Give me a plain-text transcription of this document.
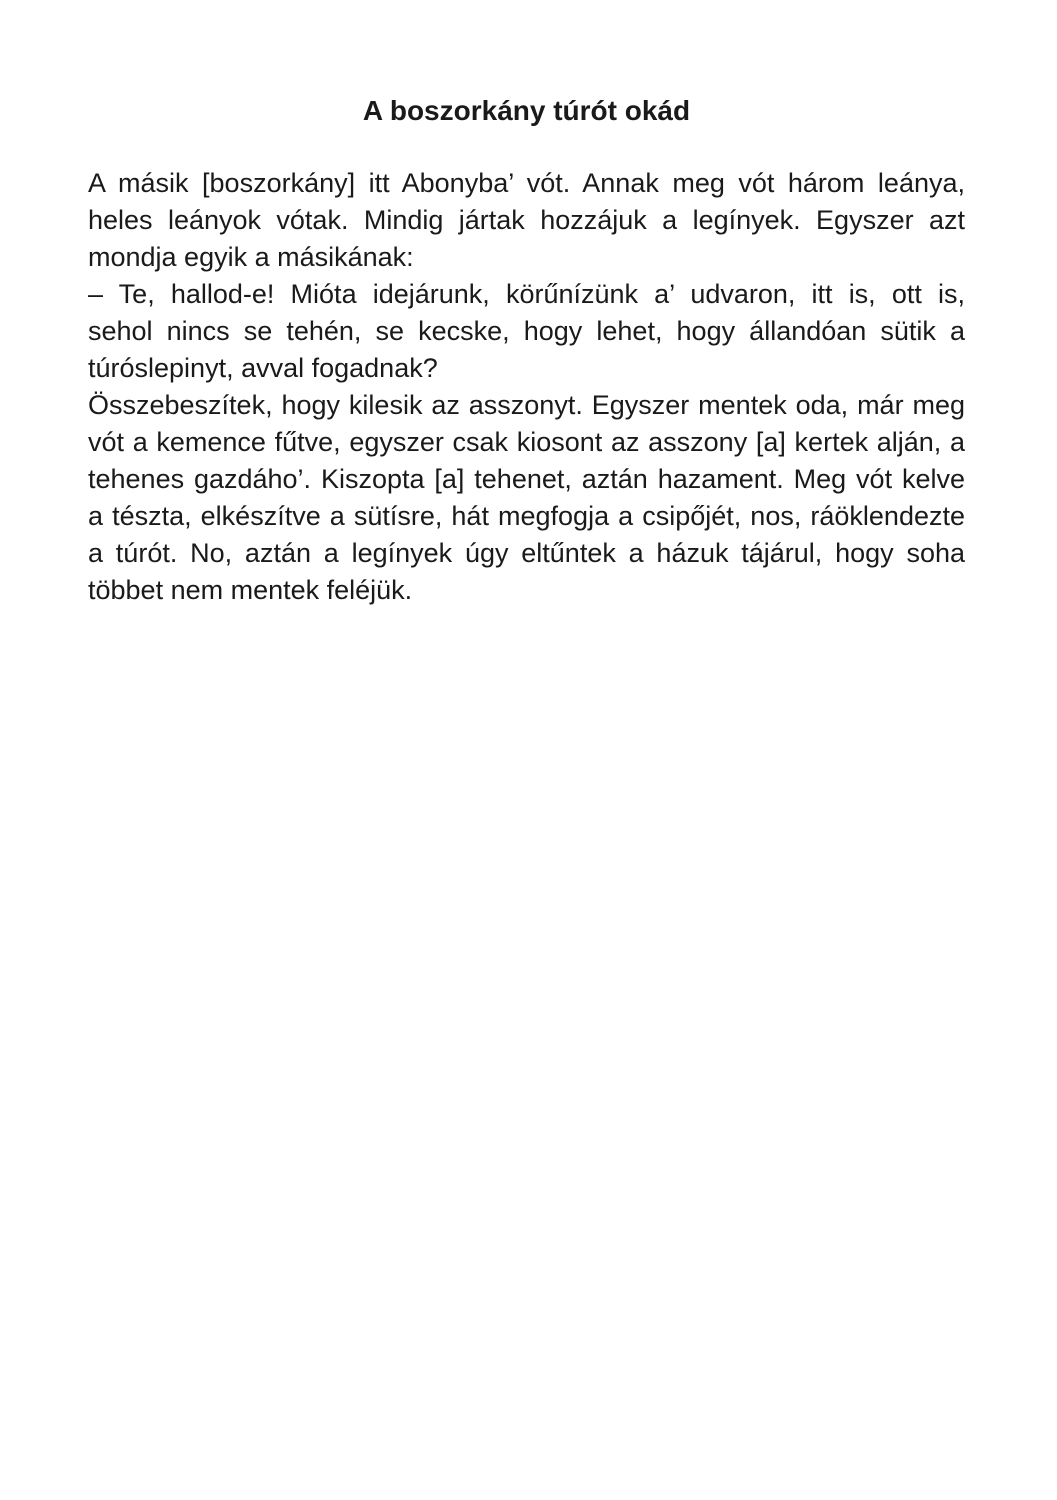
A boszorkány túrót okád
A másik [boszorkány] itt Abonyba’ vót. Annak meg vót három leánya,
heles leányok vótak. Mindig jártak hozzájuk a legínyek. Egyszer azt
mondja egyik a másikának:
– Te, hallod-e! Mióta idejárunk, körűnízünk a’ udvaron, itt is, ott is,
sehol nincs se tehén, se kecske, hogy lehet, hogy állandóan sütik a
túróslepinyt, avval fogadnak?
Összebeszítek, hogy kilesik az asszonyt. Egyszer mentek oda, már meg
vót a kemence fűtve, egyszer csak kiosont az asszony [a] kertek alján, a
tehenes gazdáho’. Kiszopta [a] tehenet, aztán hazament. Meg vót kelve
a tészta, elkészítve a sütísre, hát megfogja a csipőjét, nos, ráöklendezte
a túrót. No, aztán a legínyek úgy eltűntek a házuk tájárul, hogy soha
többet nem mentek feléjük.
